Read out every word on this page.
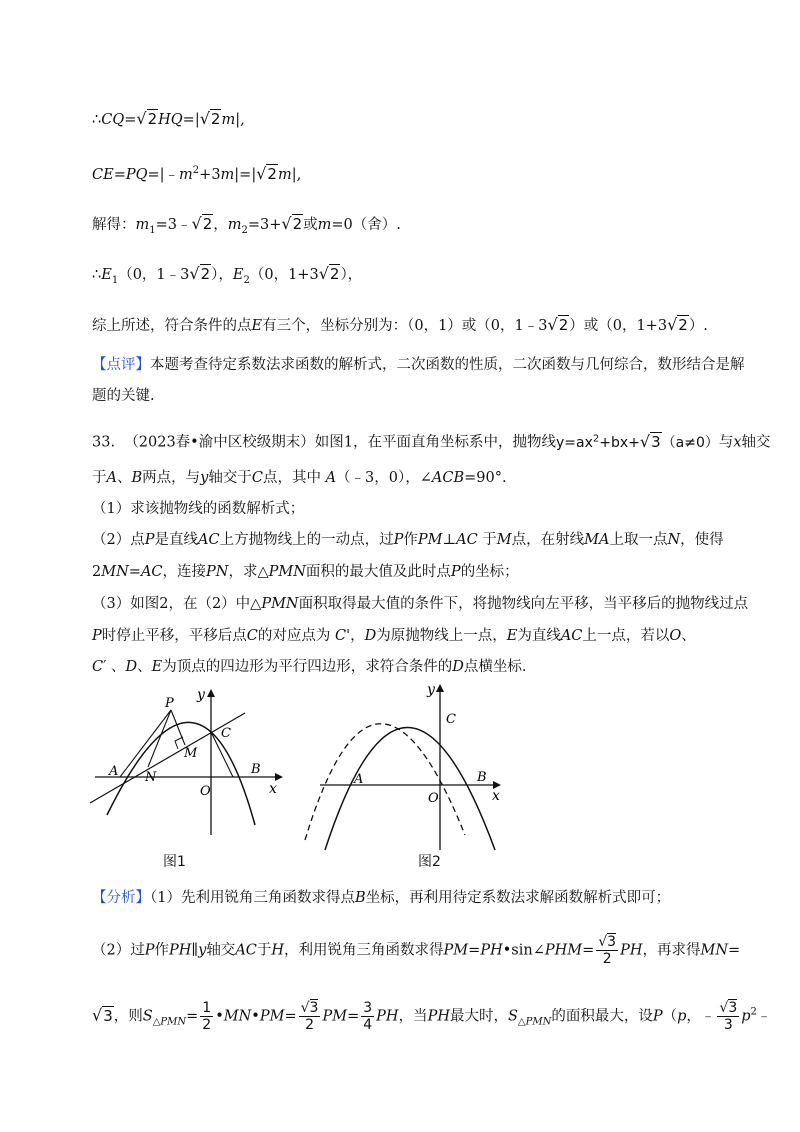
∴CQ=√2HQ=|√2m|,
$CE=PQ=|﹣m^2+3m|=|√2m|$,
解得：$m_1=3﹣√2$，$m_2=3+√2$或m=0（舍）.
$\therefore E_1(0$，1﹣3√2），$E_2(0$，1+3√2），
综上所述，符合条件的点E有三个，坐标分别为：（0，1）或（0，1﹣3√2）或（0，1+3√2）.
【点评】本题考查待定系数法求函数的解析式，二次函数的性质，二次函数与几何综合，数形结合是解
题的关键.
33. （2023春•渝中区校级期末）如图1，在平面直角坐标系中，抛物线$y=ax^2+bx+√3(a\ne 0)$与x轴交
于A、B两点，与y轴交于C点，其中 A（﹣3，0），∠ACB=90°.
（1）求该抛物线的函数解析式；
（2）点P是直线AC上方抛物线上的一动点，过P作PM⊥AC 于M点，在射线MA上取一点N，使得
2MN=AC，连接PN，求△PMN面积的最大值及此时点P的坐标；
（3）如图2，在（2）中△PMN面积取得最大值的条件下，将抛物线向左平移，当平移后的抛物线过点
P时停止平移，平移后点C的对应点为 C'，D为原抛物线上一点，E为直线AC上一点，若以O、
C′ 、D、E为顶点的四边形为平行四边形，求符合条件的D点横坐标.
y
P
C
M
A N
B
O	x
图1
y
C
A	B
O	x
图2
【分析】（1）先利用锐角三角函数求得点B坐标，再利用待定系数法求解函数解析式即可；
（2）过P作PH∥y轴交AC于H，利用锐角三角函数求得PM=PH•sin∠PHM= $\frac{√3}{2}$ PH，再求得MN=
√3，则$S_{\triangle PMN}= \frac{1}{2}$ •MN•PM= $\frac{√3}{2} PM= \frac{3}{4}$ PH，当PH最大时，$S_{\triangle PMN}$的面积最大，设P（p，﹣ $\frac{√3}{3}$ $p^2﹣$
